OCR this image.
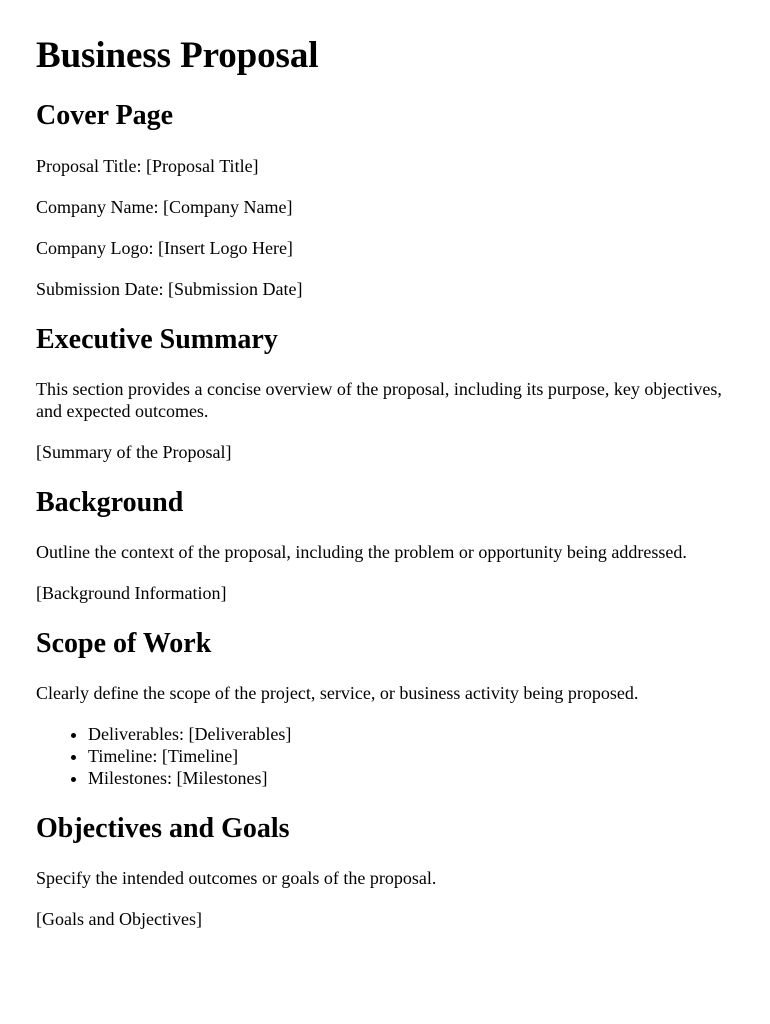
Business Proposal
Cover Page

Proposal Title: [Proposal Title]

Company Name: [Company Name]

Company Logo: [Insert Logo Here]

Submission Date: [Submission Date]

Executive Summary

This section provides a concise overview of the proposal, including its purpose, key objectives, and expected outcomes.

[Summary of the Proposal]

Background

Outline the context of the proposal, including the problem or opportunity being addressed.

[Background Information]

Scope of Work

Clearly define the scope of the project, service, or business activity being proposed.

• Deliverables: [Deliverables]
• Timeline: [Timeline]
• Milestones: [Milestones]
Objectives and Goals

Specify the intended outcomes or goals of the proposal.

[Goals and Objectives]
